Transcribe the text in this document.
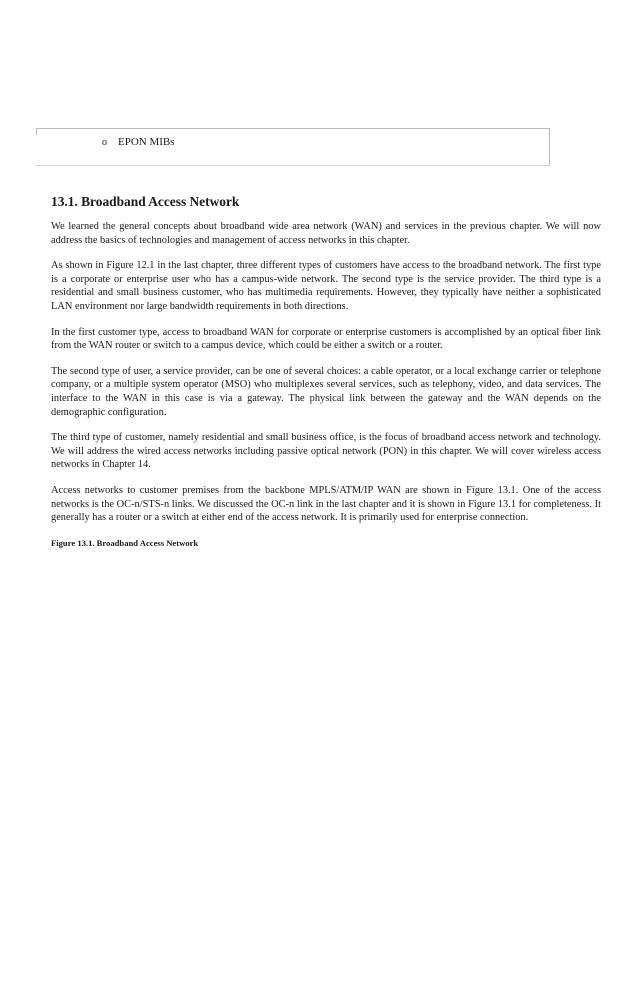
o EPON MIBs
13.1. Broadband Access Network

We learned the general concepts about broadband wide area network (WAN) and services in the previous chapter. We will now address the basics of technologies and management of access networks in this chapter.

As shown in Figure 12.1 in the last chapter, three different types of customers have access to the broadband network. The first type is a corporate or enterprise user who has a campus-wide network. The second type is the service provider. The third type is a residential and small business customer, who has multimedia requirements. However, they typically have neither a sophisticated LAN environment nor large bandwidth requirements in both directions.

In the first customer type, access to broadband WAN for corporate or enterprise customers is accomplished by an optical fiber link from the WAN router or switch to a campus device, which could be either a switch or a router.

The second type of user, a service provider, can be one of several choices: a cable operator, or a local exchange carrier or telephone company, or a multiple system operator (MSO) who multiplexes several services, such as telephony, video, and data services. The interface to the WAN in this case is via a gateway. The physical link between the gateway and the WAN depends on the demographic configuration.

The third type of customer, namely residential and small business office, is the focus of broadband access network and technology. We will address the wired access networks including passive optical network (PON) in this chapter. We will cover wireless access networks in Chapter 14.

Access networks to customer premises from the backbone MPLS/ATM/IP WAN are shown in Figure 13.1. One of the access networks is the OC-n/STS-n links. We discussed the OC-n link in the last chapter and it is shown in Figure 13.1 for completeness. It generally has a router or a switch at either end of the access network. It is primarily used for enterprise connection.

Figure 13.1. Broadband Access Network
